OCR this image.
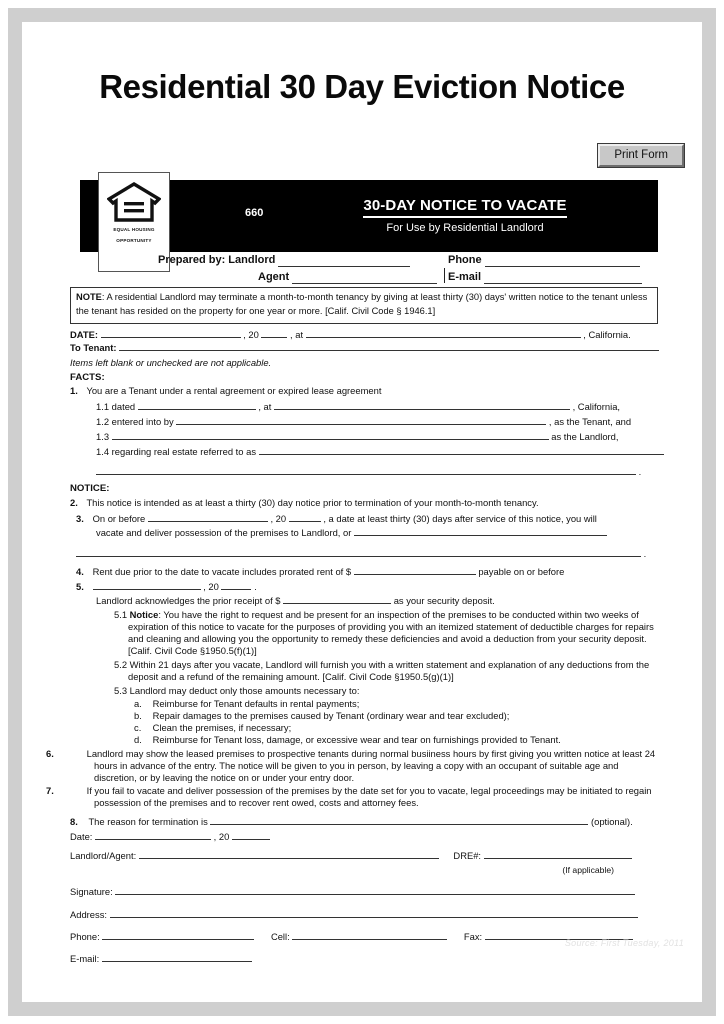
Residential 30 Day Eviction Notice
Print Form
EQUAL HOUSING
OPPORTUNITY
660	30-DAY NOTICE TO VACATE
For Use by Residential Landlord
Prepared by: Landlord	Phone
Agent	E-mail
NOTE: A residential Landlord may terminate a month-to-month tenancy by giving at least thirty (30) days' written notice to the tenant unless the tenant has resided on the property for one year or more. [Calif. Civil Code § 1946.1]
DATE:	, 20	, at	, California.
To Tenant:
Items left blank or unchecked are not applicable.
FACTS:
1. You are a Tenant under a rental agreement or expired lease agreement
1.1 dated	, at	, California,
1.2 entered into by	, as the Tenant, and
1.3	as the Landlord,
1.4 regarding real estate referred to as
.
NOTICE:
2. This notice is intended as at least a thirty (30) day notice prior to termination of your month-to-month tenancy.
3. On or before	, 20	, a date at least thirty (30) days after service of this notice, you will
vacate and deliver possession of the premises to Landlord, or
.
4. Rent due prior to the date to vacate includes prorated rent of $	payable on or before
5.	, 20	.
Landlord acknowledges the prior receipt of $	as your security deposit.
5.1 Notice: You have the right to request and be present for an inspection of the premises to be conducted within two weeks of expiration of this notice to vacate for the purposes of providing you with an itemized statement of deductible charges for repairs and cleaning and allowing you the opportunity to remedy these deficiencies and avoid a deduction from your security deposit. [Calif. Civil Code §1950.5(f)(1)]
5.2 Within 21 days after you vacate, Landlord will furnish you with a written statement and explanation of any deductions from the deposit and a refund of the remaining amount. [Calif. Civil Code §1950.5(g)(1)]
5.3 Landlord may deduct only those amounts necessary to:
a. Reimburse for Tenant defaults in rental payments;
b. Repair damages to the premises caused by Tenant (ordinary wear and tear excluded);
c. Clean the premises, if necessary;
d. Reimburse for Tenant loss, damage, or excessive wear and tear on furnishings provided to Tenant.
6.	Landlord may show the leased premises to prospective tenants during normal busiiness hours by first giving you written notice at least 24 hours in advance of the entry. The notice will be given to you in person, by leaving a copy with an occupant of suitable age and discretion, or by leaving the notice on or under your entry door.
7.	If you fail to vacate and deliver possession of the premises by the date set for you to vacate, legal proceedings may be initiated to regain possession of the premises and to recover rent owed, costs and attorney fees.
8. The reason for termination is	(optional).
Date:	, 20
Landlord/Agent:	DRE#:
(If applicable)
Signature:
Address:
Phone:	Cell:	Fax:
E-mail:
Source: First Tuesday, 2011
